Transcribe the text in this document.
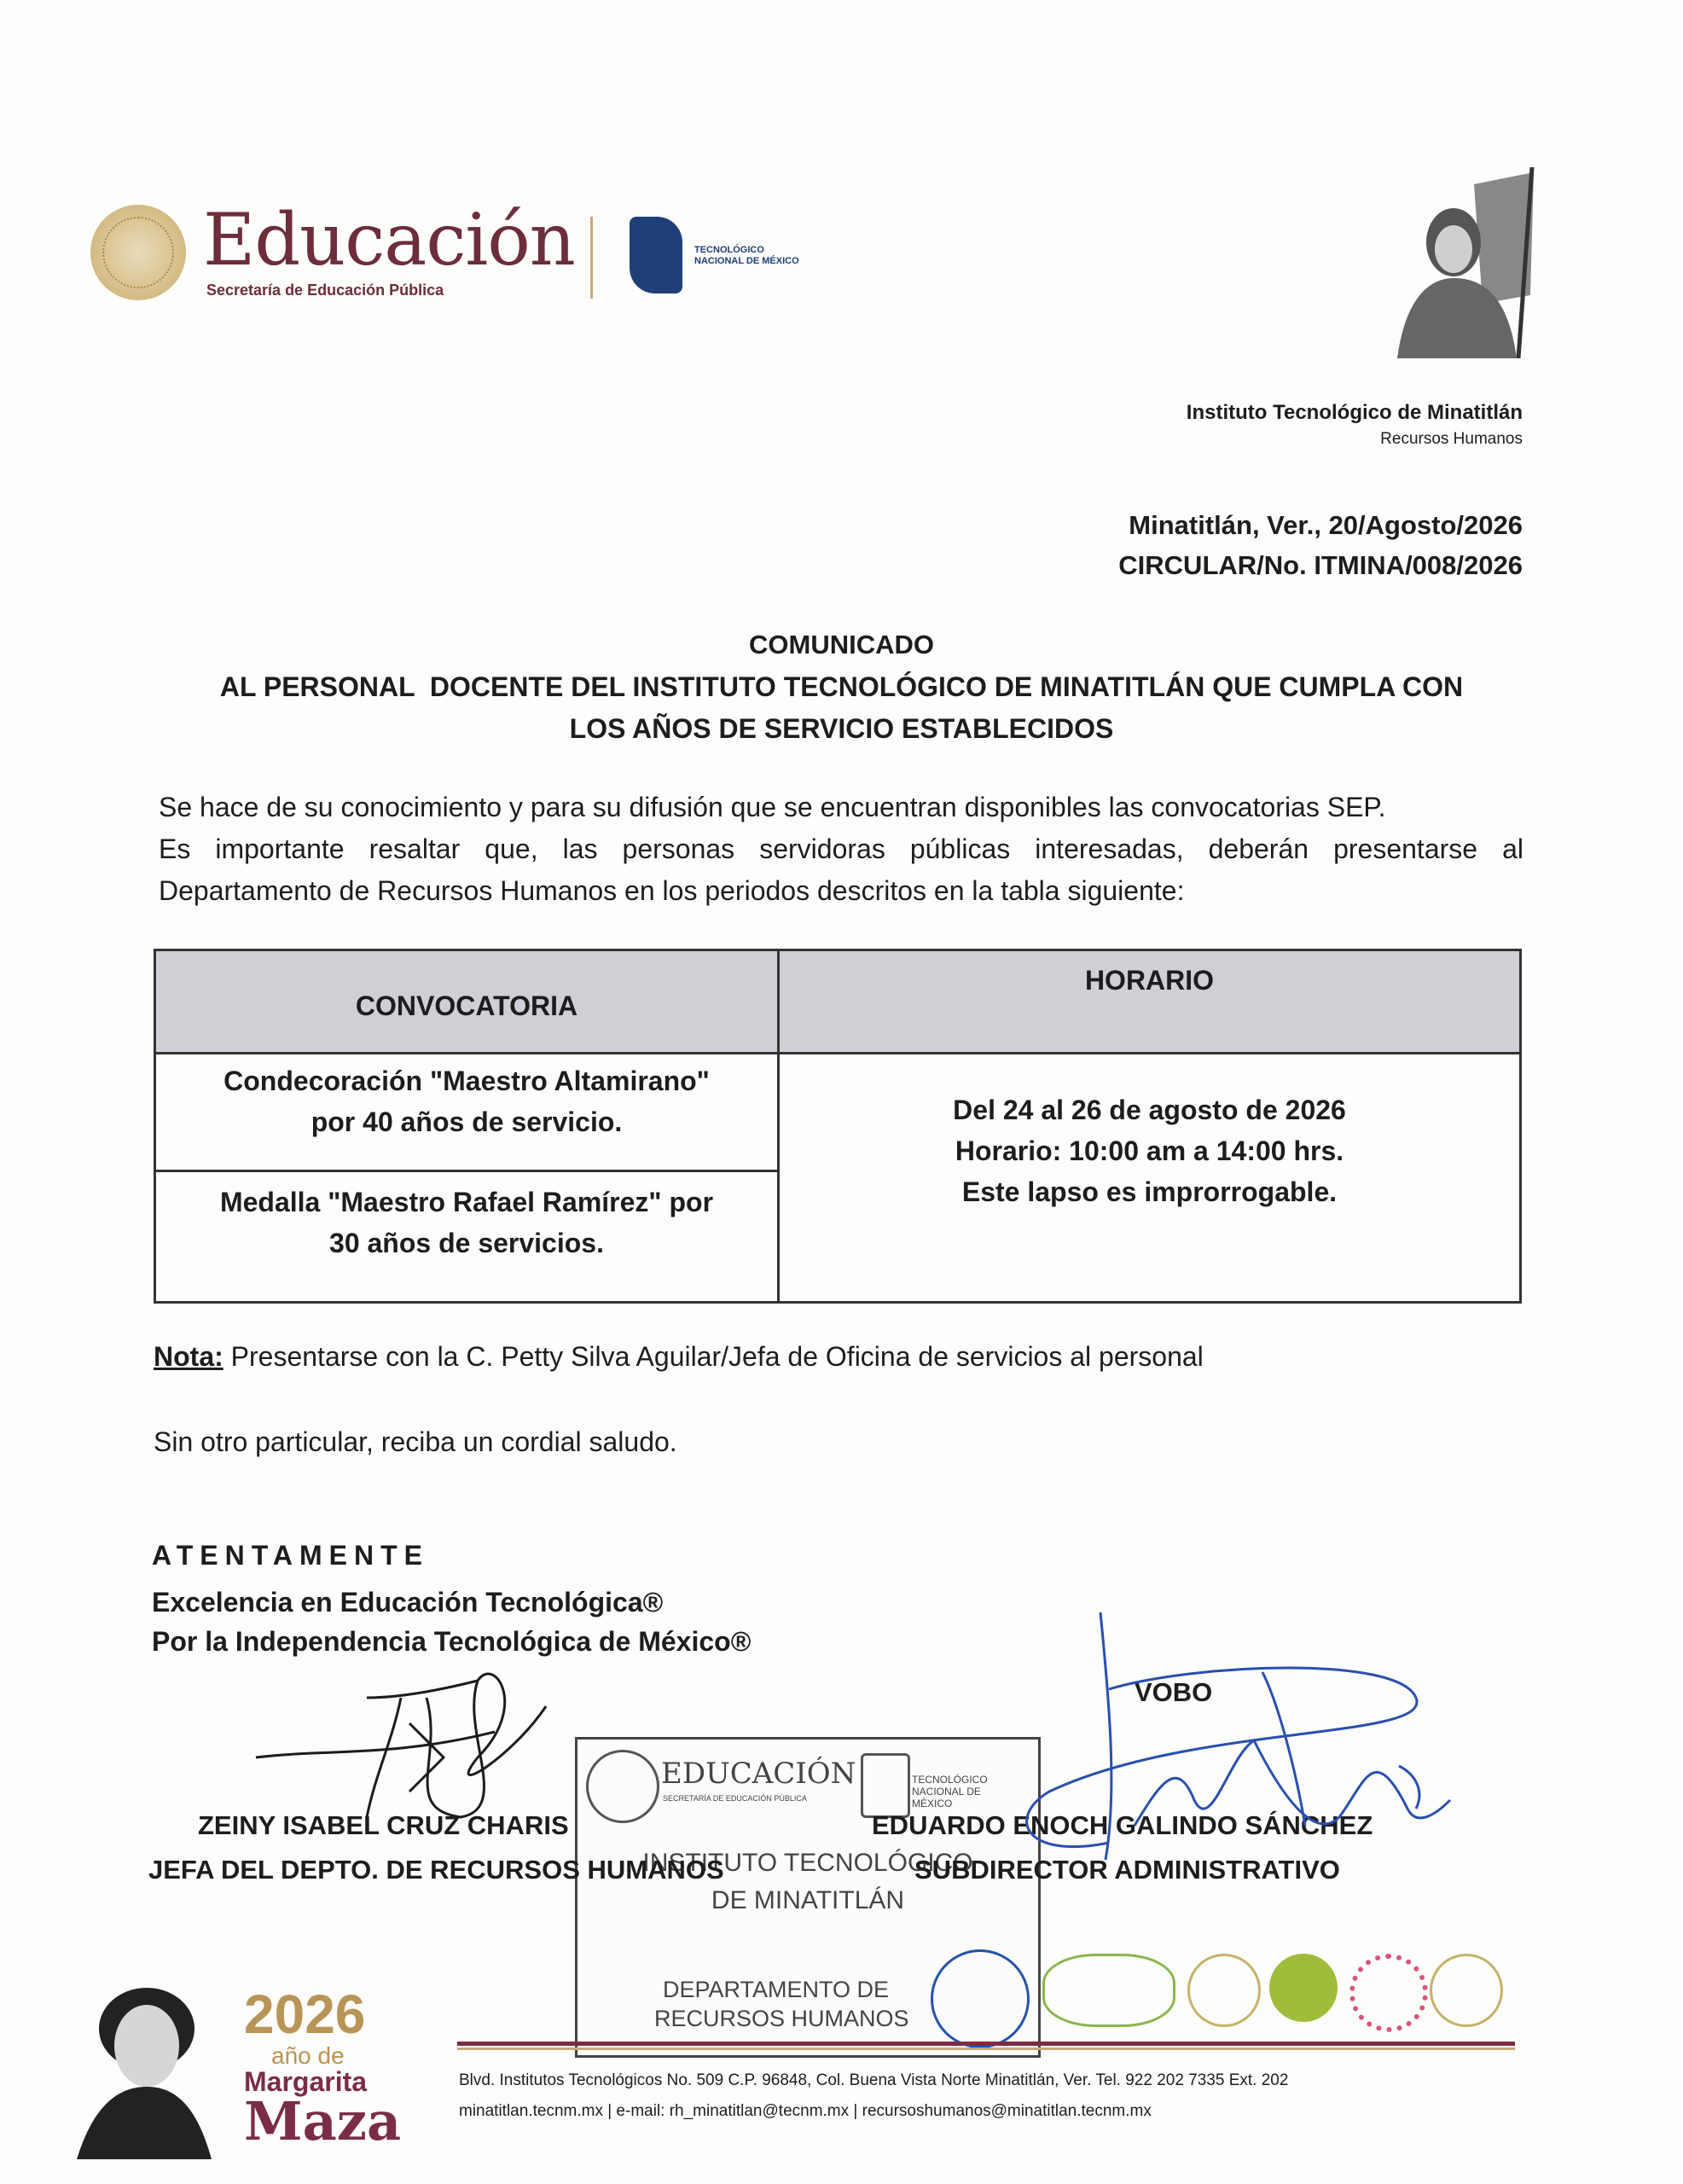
Educación
Secretaría de Educación Pública
TECNOLÓGICO
NACIONAL DE MÉXICO
Instituto Tecnológico de Minatitlán
Recursos Humanos
Minatitlán, Ver., 20/Agosto/2026
CIRCULAR/No. ITMINA/008/2026
COMUNICADO
AL PERSONAL  DOCENTE DEL INSTITUTO TECNOLÓGICO DE MINATITLÁN QUE CUMPLA CON
LOS AÑOS DE SERVICIO ESTABLECIDOS
Se hace de su conocimiento y para su difusión que se encuentran disponibles las convocatorias SEP.
Es importante resaltar que, las personas servidoras públicas interesadas, deberán presentarse al
Departamento de Recursos Humanos en los periodos descritos en la tabla siguiente:
CONVOCATORIA
HORARIO
Condecoración "Maestro Altamirano"
por 40 años de servicio.
Medalla "Maestro Rafael Ramírez" por
30 años de servicios.
Del 24 al 26 de agosto de 2026
Horario: 10:00 am a 14:00 hrs.
Este lapso es improrrogable.
Nota: Presentarse con la C. Petty Silva Aguilar/Jefa de Oficina de servicios al personal
Sin otro particular, reciba un cordial saludo.
ATENTAMENTE
Excelencia en Educación Tecnológica®
Por la Independencia Tecnológica de México®
VOBO
EDUCACIÓN
SECRETARÍA DE EDUCACIÓN PÚBLICA
TECNOLÓGICO NACIONAL DE MÉXICO
INSTITUTO TECNOLÓGICO
DE MINATITLÁN
DEPARTAMENTO DE
RECURSOS HUMANOS
ZEINY ISABEL CRUZ CHARIS
JEFA DEL DEPTO. DE RECURSOS HUMANOS
EDUARDO ENOCH GALINDO SÁNCHEZ
SUBDIRECTOR ADMINISTRATIVO
2026
año de
Margarita
Maza
Blvd. Institutos Tecnológicos No. 509 C.P. 96848, Col. Buena Vista Norte Minatitlán, Ver. Tel. 922 202 7335 Ext. 202
minatitlan.tecnm.mx | e-mail: rh_minatitlan@tecnm.mx | recursoshumanos@minatitlan.tecnm.mx
